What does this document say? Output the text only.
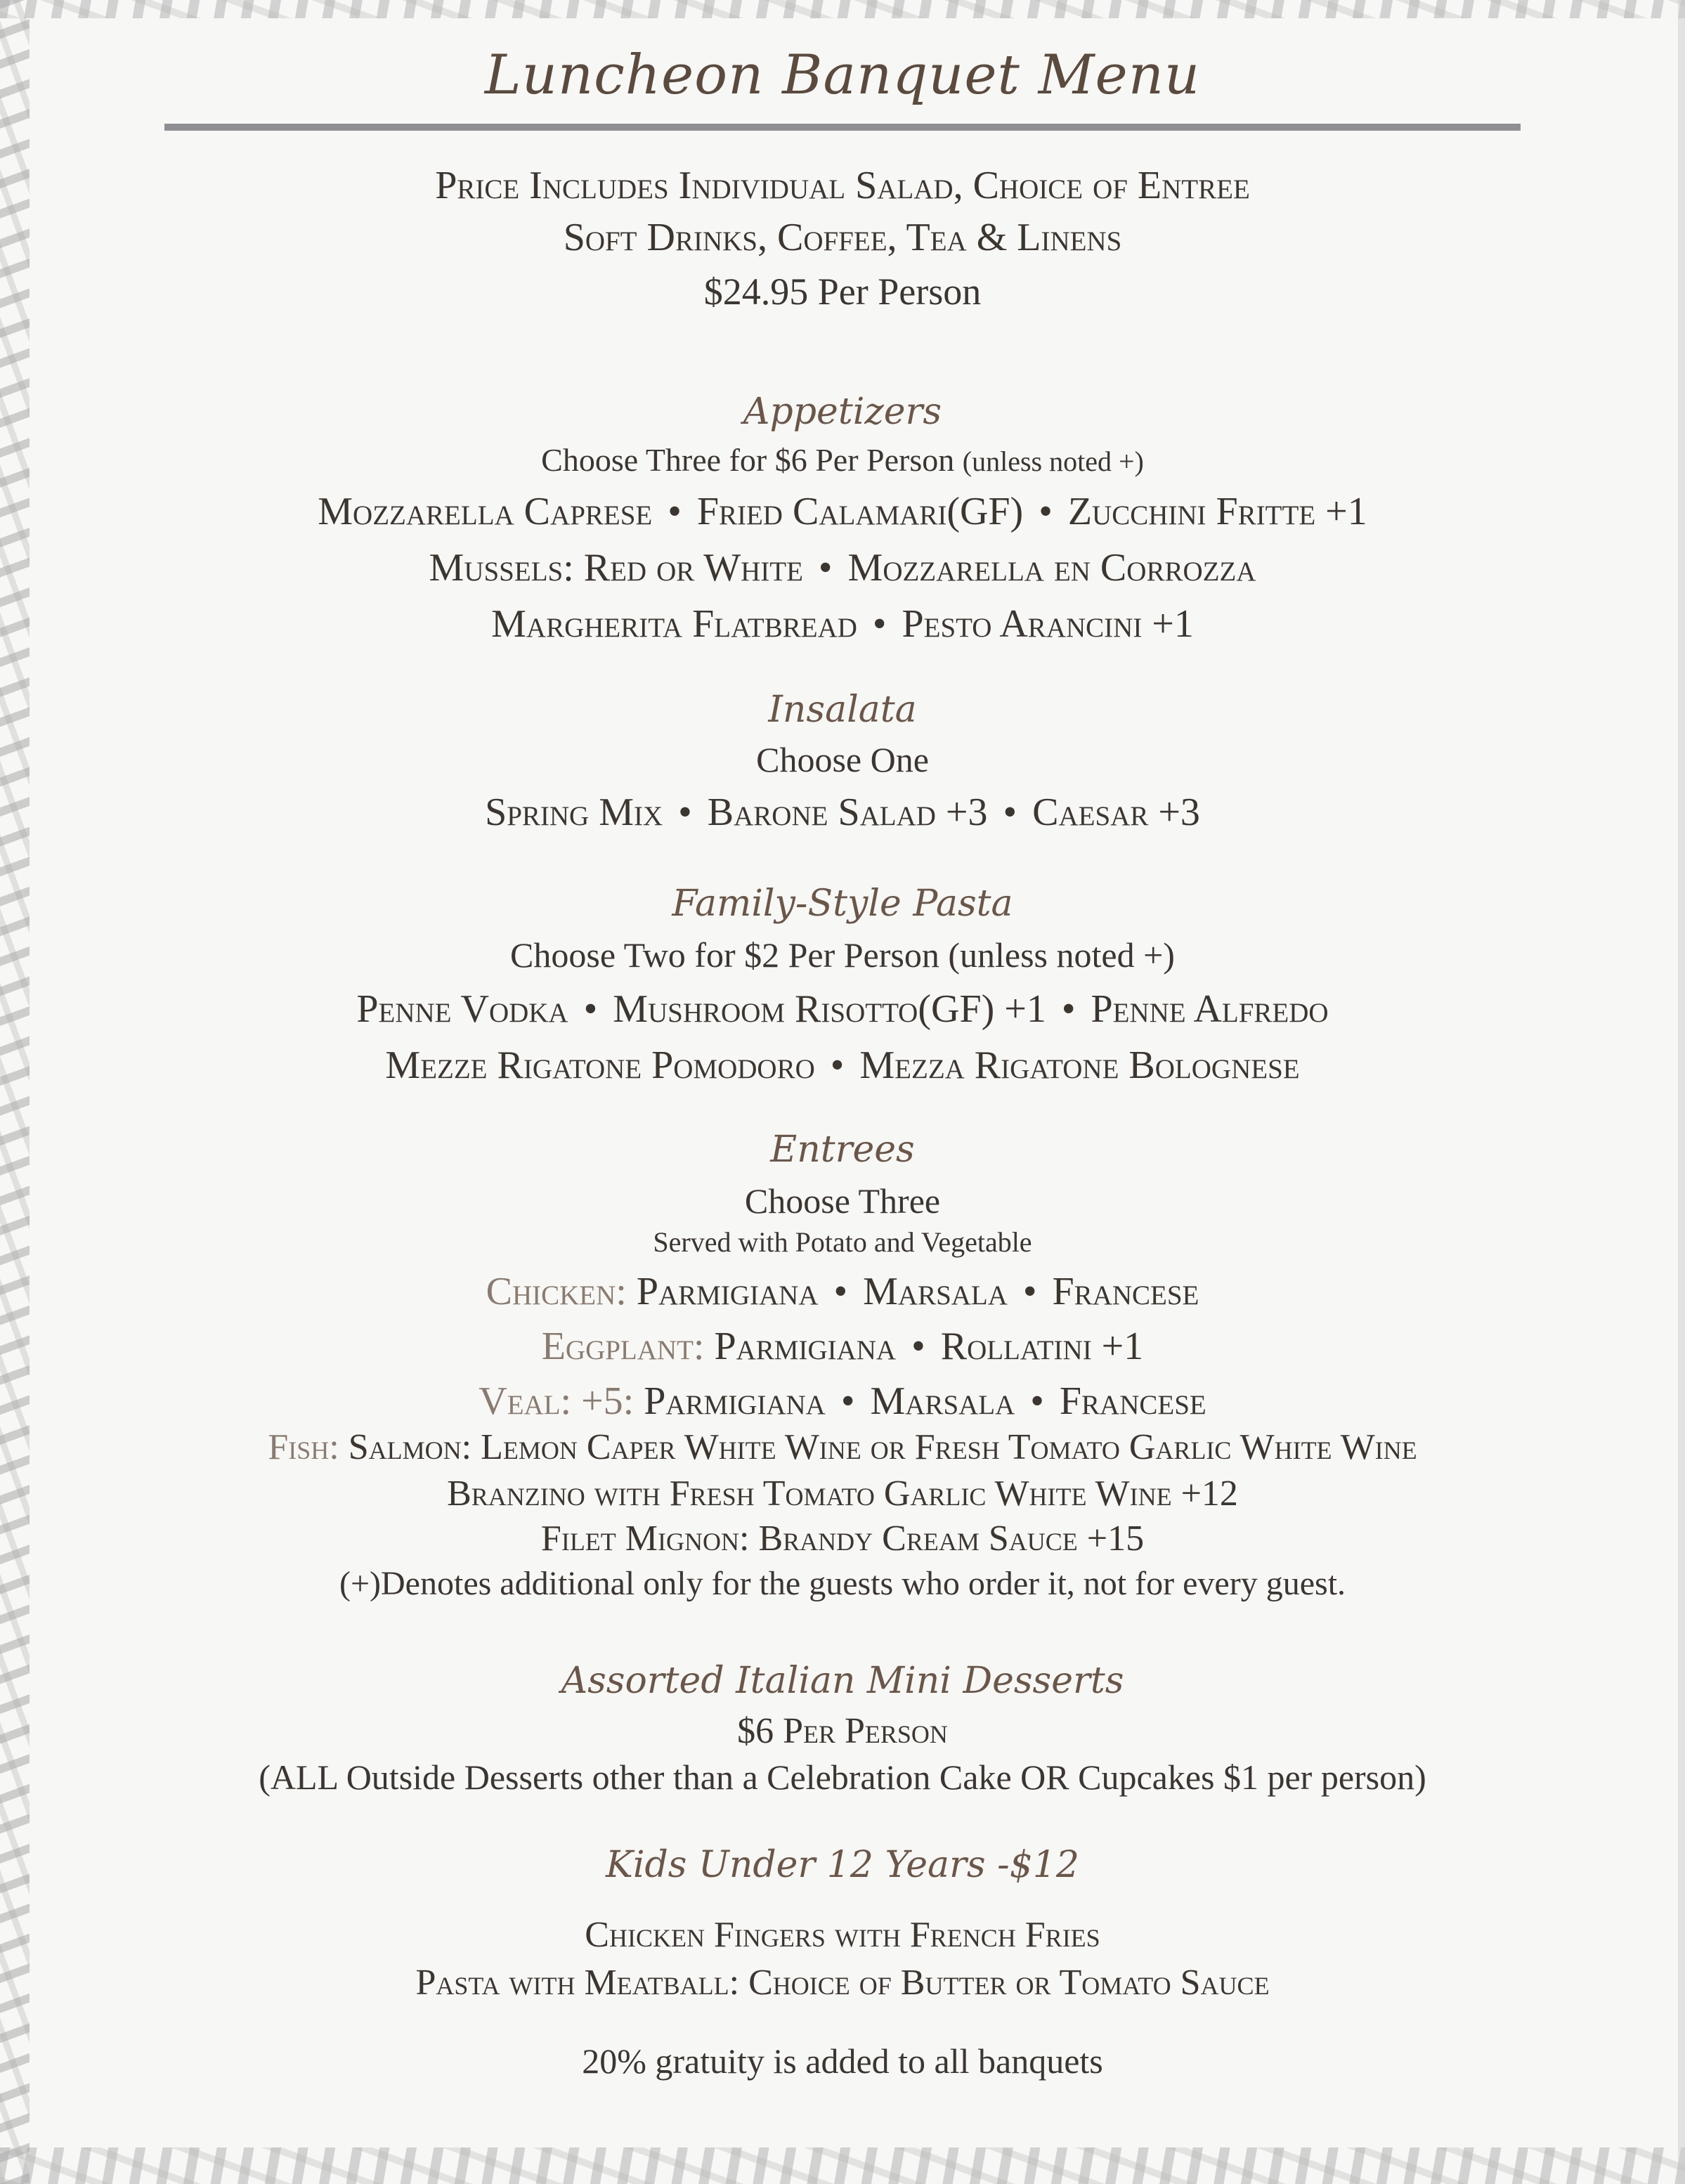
Luncheon Banquet Menu
Price Includes Individual Salad, Choice of Entree
Soft Drinks, Coffee, Tea & Linens
$24.95 Per Person
Appetizers
Choose Three for $6 Per Person (unless noted +)
Mozzarella Caprese • Fried Calamari(GF) • Zucchini Fritte +1
Mussels: Red or White • Mozzarella en Corrozza
Margherita Flatbread • Pesto Arancini +1
Insalata
Choose One
Spring Mix • Barone Salad +3 • Caesar +3
Family-Style Pasta
Choose Two for $2 Per Person (unless noted +)
Penne Vodka • Mushroom Risotto(GF) +1 • Penne Alfredo
Mezze Rigatone Pomodoro • Mezza Rigatone Bolognese
Entrees
Choose Three
Served with Potato and Vegetable
Chicken: Parmigiana • Marsala • Francese
Eggplant: Parmigiana • Rollatini +1
Veal: +5: Parmigiana • Marsala • Francese
Fish: Salmon: Lemon Caper White Wine or Fresh Tomato Garlic White Wine
Branzino with Fresh Tomato Garlic White Wine +12
Filet Mignon: Brandy Cream Sauce +15
(+)Denotes additional only for the guests who order it, not for every guest.
Assorted Italian Mini Desserts
$6 Per Person
(ALL Outside Desserts other than a Celebration Cake OR Cupcakes $1 per person)
Kids Under 12 Years -$12
Chicken Fingers with French Fries
Pasta with Meatball: Choice of Butter or Tomato Sauce
20% gratuity is added to all banquets
